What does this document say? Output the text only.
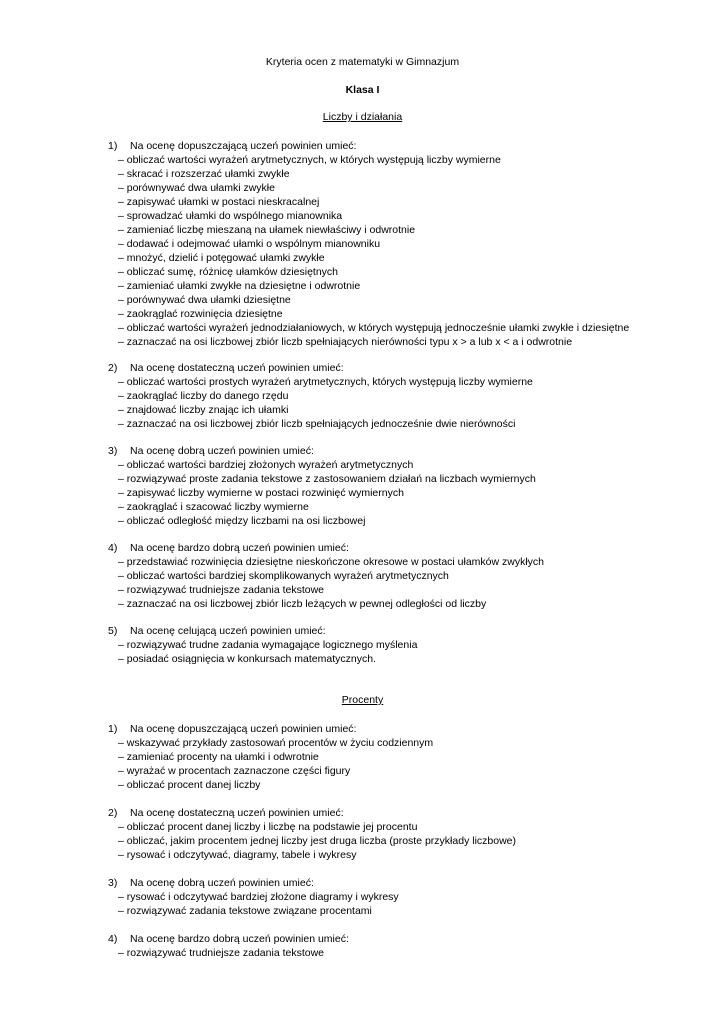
Kryteria ocen z matematyki w Gimnazjum
Klasa I
Liczby i działania
1)	Na ocenę dopuszczającą uczeń powinien umieć:
– obliczać wartości wyrażeń arytmetycznych, w których występują liczby wymierne
– skracać i rozszerzać ułamki zwykłe
– porównywać dwa ułamki zwykłe
– zapisywać ułamki w postaci nieskracalnej
– sprowadzać ułamki do wspólnego mianownika
– zamieniać liczbę mieszaną na ułamek niewłaściwy i odwrotnie
– dodawać i odejmować ułamki o wspólnym mianowniku
– mnożyć, dzielić i potęgować ułamki zwykłe
– obliczać sumę, różnicę ułamków dziesiętnych
– zamieniać ułamki zwykłe na dziesiętne i odwrotnie
– porównywać dwa ułamki dziesiętne
– zaokrąglać rozwinięcia dziesiętne
– obliczać wartości wyrażeń jednodziałaniowych, w których występują jednocześnie ułamki zwykłe i dziesiętne
– zaznaczać na osi liczbowej zbiór liczb spełniających nierówności typu x > a lub x < a i odwrotnie
2)	Na ocenę dostateczną uczeń powinien umieć:
– obliczać wartości prostych wyrażeń arytmetycznych, których występują liczby wymierne
– zaokrąglać liczby do danego rzędu
– znajdować liczby znając ich ułamki
– zaznaczać na osi liczbowej zbiór liczb spełniających jednocześnie dwie nierówności
3)	Na ocenę dobrą uczeń powinien umieć:
– obliczać wartości bardziej złożonych wyrażeń arytmetycznych
– rozwiązywać proste zadania tekstowe z zastosowaniem działań na liczbach wymiernych
– zapisywać liczby wymierne w postaci rozwinięć wymiernych
– zaokrąglać i szacować liczby wymierne
– obliczać odległość między liczbami na osi liczbowej
4)	Na ocenę bardzo dobrą uczeń powinien umieć:
– przedstawiać rozwinięcia dziesiętne nieskończone okresowe w postaci ułamków zwykłych
– obliczać wartości bardziej skomplikowanych wyrażeń arytmetycznych
– rozwiązywać trudniejsze zadania tekstowe
– zaznaczać na osi liczbowej zbiór liczb leżących w pewnej odległości od liczby
5)	Na ocenę celującą uczeń powinien umieć:
– rozwiązywać trudne zadania wymagające logicznego myślenia
– posiadać osiągnięcia w konkursach matematycznych.
Procenty
1)	Na ocenę dopuszczającą uczeń powinien umieć:
– wskazywać przykłady zastosowań procentów w życiu codziennym
– zamieniać procenty na ułamki i odwrotnie
– wyrażać w procentach zaznaczone części figury
– obliczać procent danej liczby
2)	Na ocenę dostateczną uczeń powinien umieć:
– obliczać procent danej liczby i liczbę na podstawie jej procentu
– obliczać, jakim procentem jednej liczby jest druga liczba (proste przykłady liczbowe)
– rysować i odczytywać, diagramy, tabele i wykresy
3)	Na ocenę dobrą uczeń powinien umieć:
– rysować i odczytywać bardziej złożone diagramy i wykresy
– rozwiązywać zadania tekstowe związane procentami
4)	Na ocenę bardzo dobrą uczeń powinien umieć:
– rozwiązywać trudniejsze zadania tekstowe
